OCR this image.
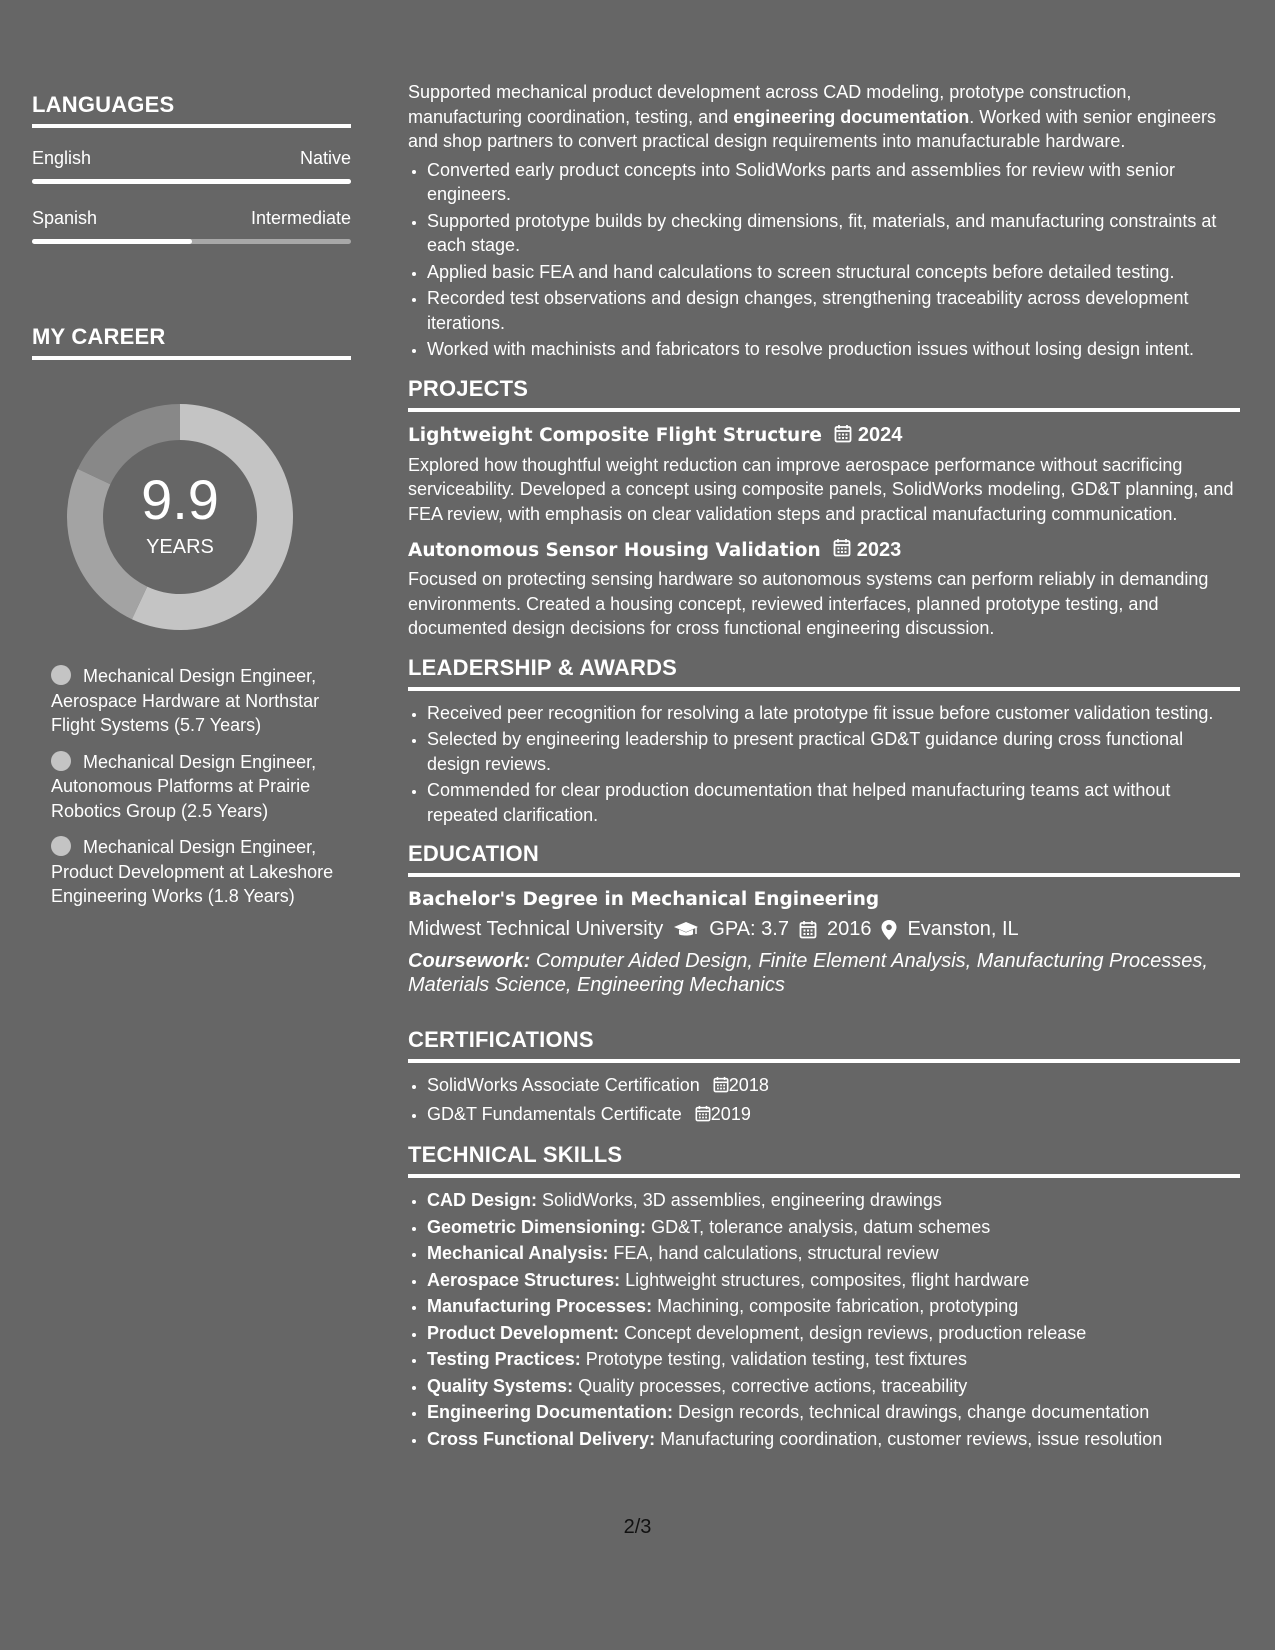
LANGUAGES
English	Native
Spanish	Intermediate
MY CAREER
9.9
YEARS
Mechanical Design Engineer, Aerospace Hardware at Northstar Flight Systems (5.7 Years)
Mechanical Design Engineer, Autonomous Platforms at Prairie Robotics Group (2.5 Years)
Mechanical Design Engineer, Product Development at Lakeshore Engineering Works (1.8 Years)

Supported mechanical product development across CAD modeling, prototype construction, manufacturing coordination, testing, and engineering documentation. Worked with senior engineers and shop partners to convert practical design requirements into manufacturable hardware.

• Converted early product concepts into SolidWorks parts and assemblies for review with senior engineers.
• Supported prototype builds by checking dimensions, fit, materials, and manufacturing constraints at each stage.
• Applied basic FEA and hand calculations to screen structural concepts before detailed testing.
• Recorded test observations and design changes, strengthening traceability across development iterations.
• Worked with machinists and fabricators to resolve production issues without losing design intent.
PROJECTS
Lightweight Composite Flight Structure 2024
Explored how thoughtful weight reduction can improve aerospace performance without sacrificing serviceability. Developed a concept using composite panels, SolidWorks modeling, GD&T planning, and FEA review, with emphasis on clear validation steps and practical manufacturing communication.
Autonomous Sensor Housing Validation 2023
Focused on protecting sensing hardware so autonomous systems can perform reliably in demanding environments. Created a housing concept, reviewed interfaces, planned prototype testing, and documented design decisions for cross functional engineering discussion.
LEADERSHIP & AWARDS
• Received peer recognition for resolving a late prototype fit issue before customer validation testing.
• Selected by engineering leadership to present practical GD&T guidance during cross functional design reviews.
• Commended for clear production documentation that helped manufacturing teams act without repeated clarification.
EDUCATION
Bachelor's Degree in Mechanical Engineering
Midwest Technical University GPA: 3.7 2016 Evanston, IL
Coursework: Computer Aided Design, Finite Element Analysis, Manufacturing Processes, Materials Science, Engineering Mechanics
CERTIFICATIONS
• SolidWorks Associate Certification 2018
• GD&T Fundamentals Certificate 2019
TECHNICAL SKILLS
• CAD Design: SolidWorks, 3D assemblies, engineering drawings
• Geometric Dimensioning: GD&T, tolerance analysis, datum schemes
• Mechanical Analysis: FEA, hand calculations, structural review
• Aerospace Structures: Lightweight structures, composites, flight hardware
• Manufacturing Processes: Machining, composite fabrication, prototyping
• Product Development: Concept development, design reviews, production release
• Testing Practices: Prototype testing, validation testing, test fixtures
• Quality Systems: Quality processes, corrective actions, traceability
• Engineering Documentation: Design records, technical drawings, change documentation
• Cross Functional Delivery: Manufacturing coordination, customer reviews, issue resolution
2/3
